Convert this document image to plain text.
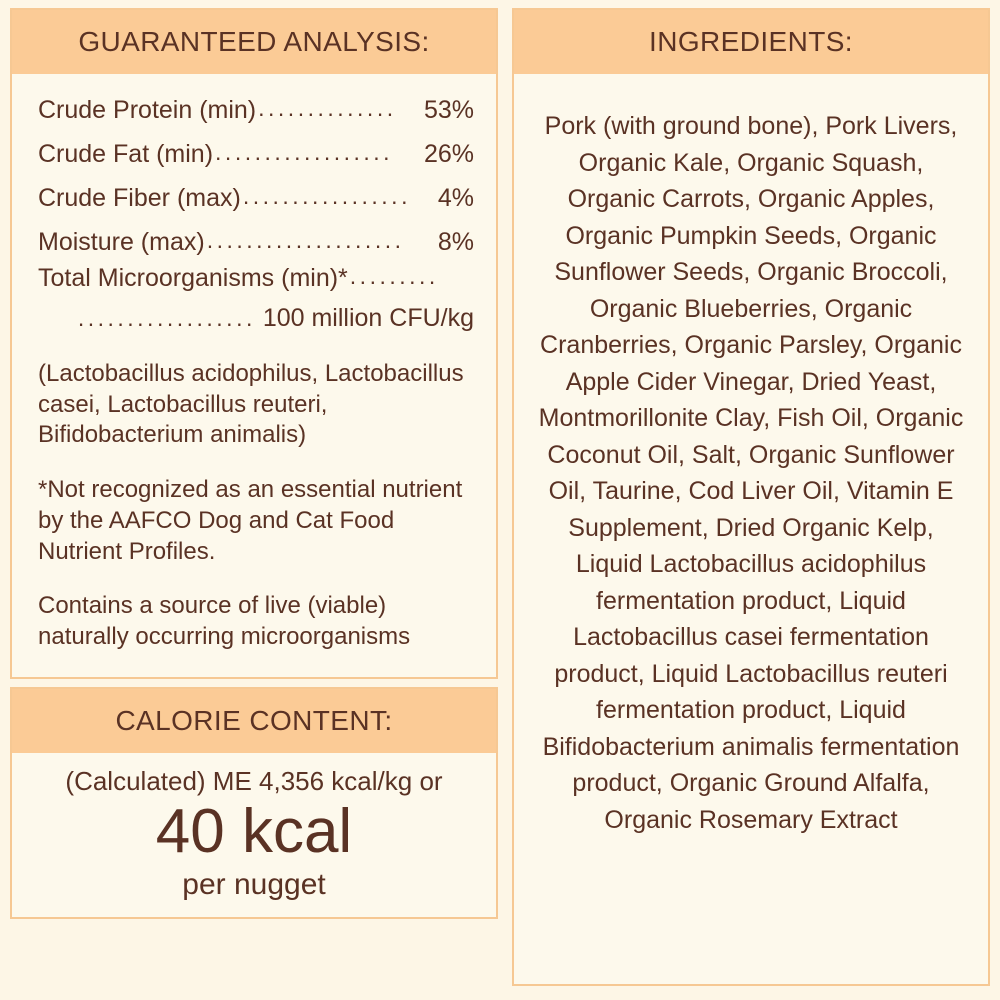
GUARANTEED ANALYSIS:
Crude Protein (min) ..............	53%
Crude Fat (min) ..................	26%
Crude Fiber (max) .................	4%
Moisture (max) ....................	8%
Total Microorganisms (min)* .........
.................. 100 million CFU/kg

(Lactobacillus acidophilus, Lactobacillus casei, Lactobacillus reuteri, Bifidobacterium animalis)

*Not recognized as an essential nutrient by the AAFCO Dog and Cat Food Nutrient Profiles.

Contains a source of live (viable) naturally occurring microorganisms

CALORIE CONTENT:
(Calculated) ME 4,356 kcal/kg or
40 kcal
per nugget
INGREDIENTS:
Pork (with ground bone), Pork Livers, Organic Kale, Organic Squash, Organic Carrots, Organic Apples, Organic Pumpkin Seeds, Organic Sunflower Seeds, Organic Broccoli, Organic Blueberries, Organic Cranberries, Organic Parsley, Organic Apple Cider Vinegar, Dried Yeast, Montmorillonite Clay, Fish Oil, Organic Coconut Oil, Salt, Organic Sunflower Oil, Taurine, Cod Liver Oil, Vitamin E Supplement, Dried Organic Kelp, Liquid Lactobacillus acidophilus fermentation product, Liquid Lactobacillus casei fermentation product, Liquid Lactobacillus reuteri fermentation product, Liquid Bifidobacterium animalis fermentation product, Organic Ground Alfalfa, Organic Rosemary Extract
